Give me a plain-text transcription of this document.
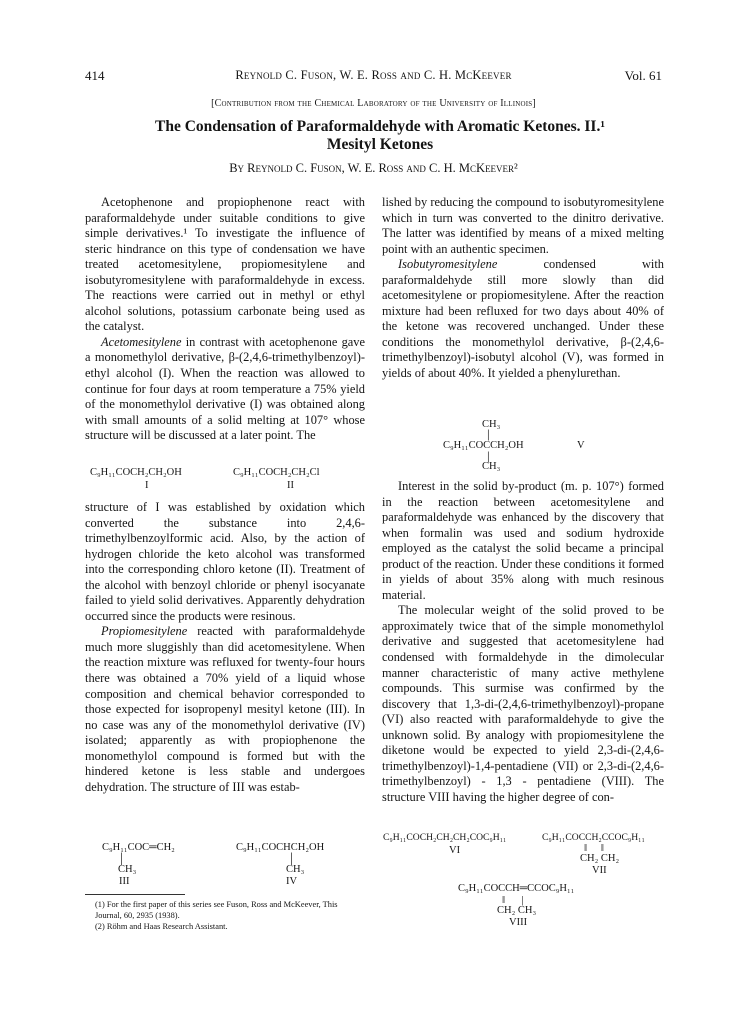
414	Reynold C. Fuson, W. E. Ross and C. H. McKeever	Vol. 61
[Contribution from the Chemical Laboratory of the University of Illinois]
The Condensation of Paraformaldehyde with Aromatic Ketones. II.¹
Mesityl Ketones
By Reynold C. Fuson, W. E. Ross and C. H. McKeever²

Acetophenone and propiophenone react with paraformaldehyde under suitable conditions to give simple derivatives.¹ To investigate the influence of steric hindrance on this type of condensation we have treated acetomesitylene, propiomesitylene and isobutyromesitylene with paraformaldehyde in excess. The reactions were carried out in methyl or ethyl alcohol solutions, potassium carbonate being used as the catalyst.

Acetomesitylene in contrast with acetophenone gave a monomethylol derivative, β-(2,4,6-trimethylbenzoyl)-ethyl alcohol (I). When the reaction was allowed to continue for four days at room temperature a 75% yield of the monomethylol derivative (I) was obtained along with small amounts of a solid melting at 107° whose structure will be discussed at a later point. The

C₉H₁₁COCH₂CH₂OH
I
C₉H₁₁COCH₂CH₂Cl
II

structure of I was established by oxidation which converted the substance into 2,4,6-trimethylbenzoylformic acid. Also, by the action of hydrogen chloride the keto alcohol was transformed into the corresponding chloro ketone (II). Treatment of the alcohol with benzoyl chloride or phenyl isocyanate failed to yield solid derivatives. Apparently dehydration occurred since the products were resinous.

Propiomesitylene reacted with paraformaldehyde much more sluggishly than did acetomesitylene. When the reaction mixture was refluxed for twenty-four hours there was obtained a 70% yield of a liquid whose composition and chemical behavior corresponded to those expected for isopropenyl mesityl ketone (III). In no case was any of the monomethylol derivative (IV) isolated; apparently as with propiophenone the monomethylol compound is formed but with the hindered ketone is less stable and undergoes dehydration. The structure of III was estab-

C₉H₁₁COC═CH₂
|
CH₃
III
C₉H₁₁COCHCH₂OH
|
CH₃
IV

(1) For the first paper of this series see Fuson, Ross and McKeever, This Journal, 60, 2935 (1938).

(2) Röhm and Haas Research Assistant.

lished by reducing the compound to isobutyromesitylene which in turn was converted to the dinitro derivative. The latter was identified by means of a mixed melting point with an authentic specimen.

Isobutyromesitylene condensed with paraformaldehyde still more slowly than did acetomesitylene or propiomesitylene. After the reaction mixture had been refluxed for two days about 40% of the ketone was recovered unchanged. Under these conditions the monomethylol derivative, β-(2,4,6-trimethylbenzoyl)-isobutyl alcohol (V), was formed in yields of about 40%. It yielded a phenylurethan.

CH₃
|
C₉H₁₁COCCH₂OH	V
|
CH₃

Interest in the solid by-product (m. p. 107°) formed in the reaction between acetomesitylene and paraformaldehyde was enhanced by the discovery that when formalin was used and sodium hydroxide employed as the catalyst the solid became a principal product of the reaction. Under these conditions it formed in yields of about 35% along with much resinous material.

The molecular weight of the solid proved to be approximately twice that of the simple monomethylol derivative and suggested that acetomesitylene had condensed with formaldehyde in the dimolecular manner characteristic of many active methylene compounds. This surmise was confirmed by the discovery that 1,3-di-(2,4,6-trimethylbenzoyl)-propane (VI) also reacted with paraformaldehyde to give the unknown solid. By analogy with propiomesitylene the diketone would be expected to yield 2,3-di-(2,4,6-trimethylbenzoyl)-1,4-pentadiene (VII) or 2,3-di-(2,4,6-trimethylbenzoyl) - 1,3 - pentadiene (VIII). The structure VIII having the higher degree of con-

C₉H₁₁COCH₂CH₂CH₂COC₉H₁₁
VI
C₉H₁₁COCCH₂CCOC₉H₁₁
‖     ‖
CH₂ CH₂
VII
C₉H₁₁COCCH═CCOC₉H₁₁
‖      |
CH₂ CH₃
VIII
